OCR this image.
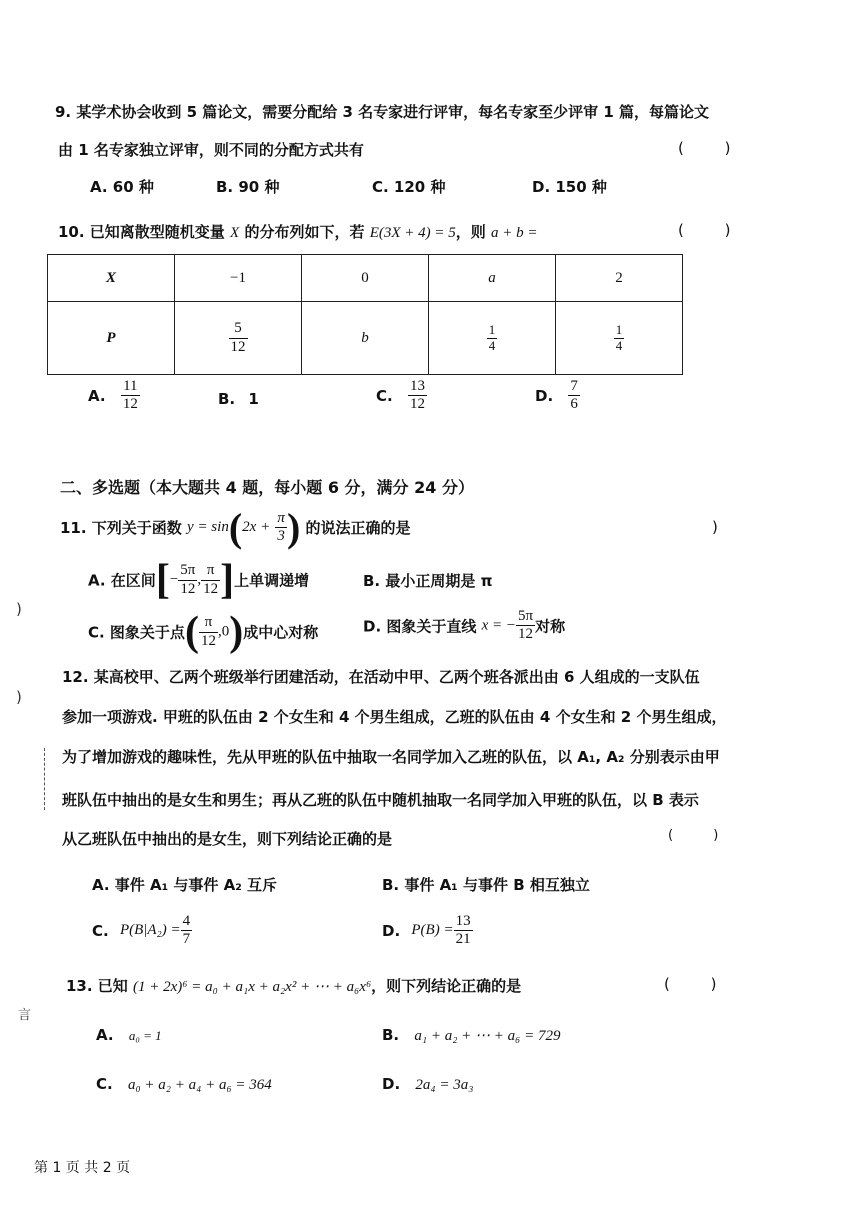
9. 某学术协会收到 5 篇论文，需要分配给 3 名专家进行评审，每名专家至少评审 1 篇，每篇论文
由 1 名专家独立评审，则不同的分配方式共有	( )
A. 60 种	B. 90 种	C. 120 种	D. 150 种
10. 已知离散型随机变量 X 的分布列如下，若 E(3X + 4) = 5，则 a + b =	( )
X	−1	0	a	2
P	$\frac{5}{12}$	b	$\frac{1}{4}$	$\frac{1}{4}$
A. $\frac{11}{12}$	B. 1	C. $\frac{13}{12}$	D. $\frac{7}{6}$
二、多选题（本大题共 4 题，每小题 6 分，满分 24 分）
11. 下列关于函数 $y = \sin(2x + \frac{\pi}{3}$ ) 的说法正确的是	)
A. 在区间[− $\frac{5\pi}{12}$ , $\frac{\pi}{12}$ ]上单调递增	B. 最小正周期是 π
C. 图象关于点( $\frac{\pi}{12} ,0$)成中心对称	D. 图象关于直线 x = − $\frac{5\pi}{12}$ 对称
12. 某高校甲、乙两个班级举行团建活动，在活动中甲、乙两个班各派出由 6 人组成的一支队伍
参加一项游戏. 甲班的队伍由 2 个女生和 4 个男生组成，乙班的队伍由 4 个女生和 2 个男生组成，
为了增加游戏的趣味性，先从甲班的队伍中抽取一名同学加入乙班的队伍，以 A₁, A₂ 分别表示由甲
班队伍中抽出的是女生和男生；再从乙班的队伍中随机抽取一名同学加入甲班的队伍，以 B 表示
从乙班队伍中抽出的是女生，则下列结论正确的是	( )
A. 事件 A₁ 与事件 A₂ 互斥	B. 事件 A₁ 与事件 B 相互独立
C. $P(B|A_2) = \frac{4}{7}$	D. $P(B) = \frac{13}{21}$
13. 已知 (1 + 2x)⁶ = a₀ + a₁x + a₂x² + ⋯ + a₆x⁶，则下列结论正确的是	( )
A. a₀ = 1	B. a₁ + a₂ + ⋯ + a₆ = 729
C. a₀ + a₂ + a₄ + a₆ = 364	D. 2a₄ = 3a₃
第 1 页 共 2 页
)
)
言
